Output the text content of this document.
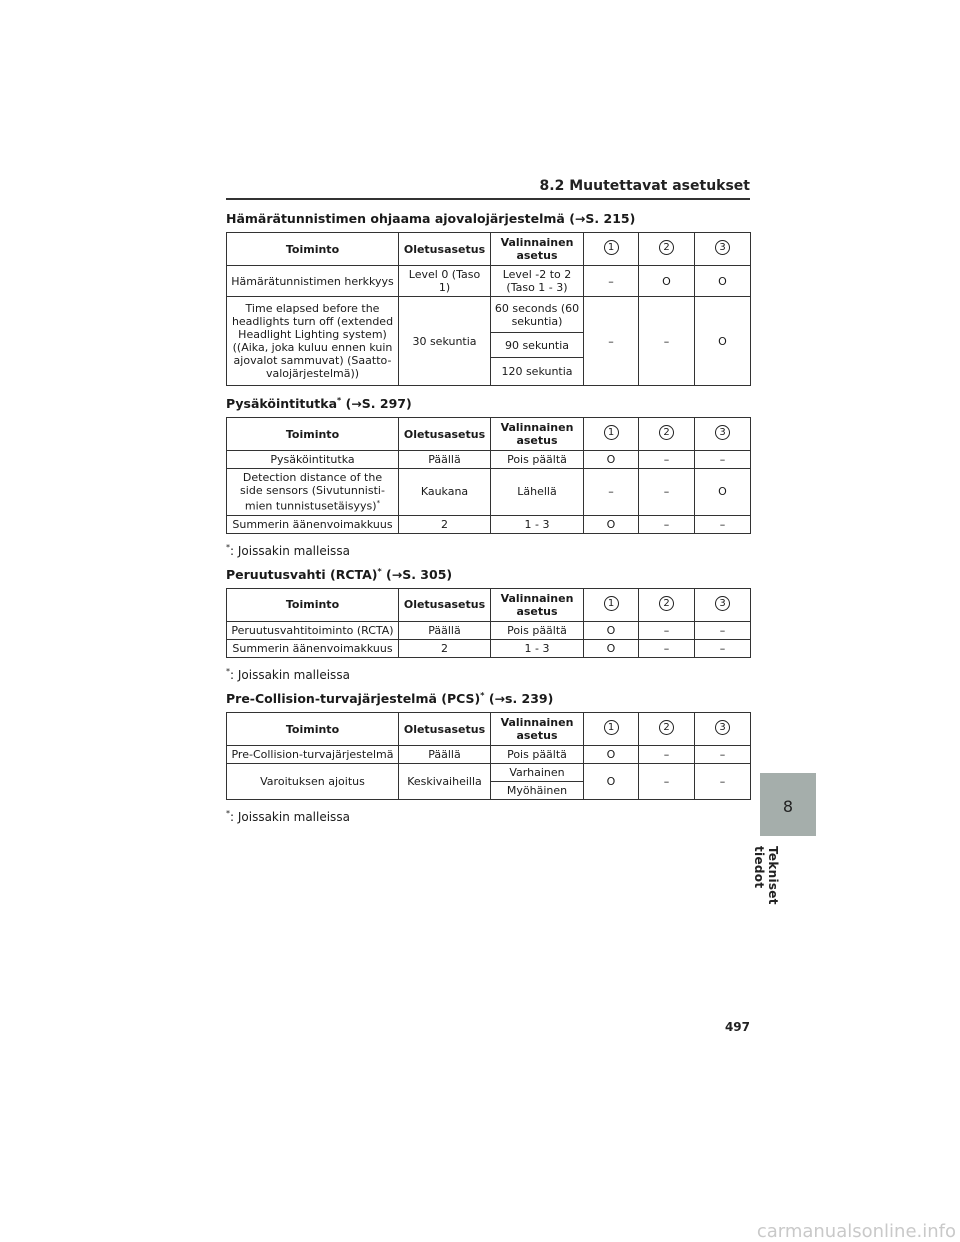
8.2 Muutettavat asetukset
Hämärätunnistimen ohjaama ajovalojärjestelmä (→S. 215)
Toiminto	Oletusasetus	Valinnainen asetus	1	2	3
Hämärätunnistimen herkkyys	Level 0 (Taso 1)	Level -2 to 2 (Taso 1 - 3)	–	O	O
Time elapsed before the headlights turn off (extended Headlight Lighting system) ((Aika, joka kuluu ennen kuin ajovalot sammuvat) (Saatto-valojärjestelmä))	30 sekuntia	60 seconds (60 sekuntia)	–	–	O
		90 sekuntia			
		120 sekuntia			
Pysäköintitutka* (→S. 297)
Toiminto	Oletusasetus	Valinnainen asetus	1	2	3
Pysäköintitutka	Päällä	Pois päältä	O	–	–
Detection distance of the side sensors (Sivutunnisti-mien tunnistusetäisyys)*	Kaukana	Lähellä	–	–	O
Summerin äänenvoimakkuus	2	1 - 3	O	–	–
*: Joissakin malleissa
Peruutusvahti (RCTA)* (→S. 305)
Toiminto	Oletusasetus	Valinnainen asetus	1	2	3
Peruutusvahtitoiminto (RCTA)	Päällä	Pois päältä	O	–	–
Summerin äänenvoimakkuus	2	1 - 3	O	–	–
*: Joissakin malleissa
Pre-Collision-turvajärjestelmä (PCS)* (→s. 239)
Toiminto	Oletusasetus	Valinnainen asetus	1	2	3
Pre-Collision-turvajärjestelmä	Päällä	Pois päältä	O	–	–
Varoituksen ajoitus	Keskivaiheilla	Varhainen	O	–	–
		Myöhäinen			
*: Joissakin malleissa
8
Tekniset tiedot
497
carmanualsonline.info
